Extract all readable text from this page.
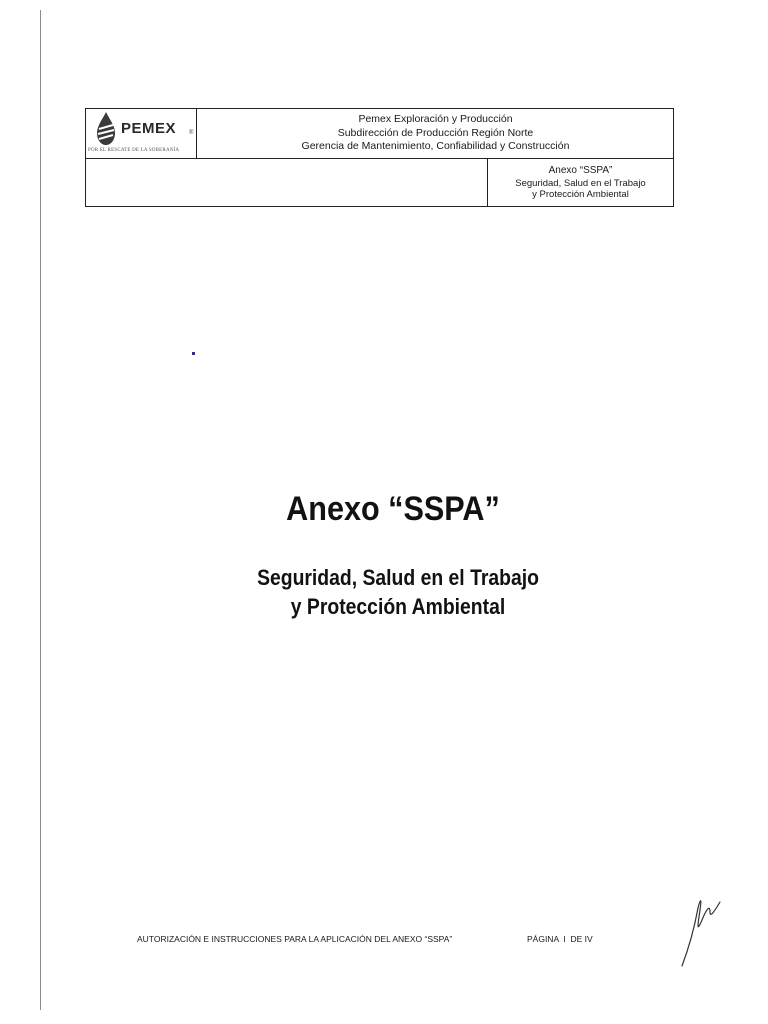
PEMEX ®
POR EL RESCATE DE LA SOBERANÍA
Pemex Exploración y Producción
Subdirección de Producción Región Norte
Gerencia de Mantenimiento, Confiabilidad y Construcción
Anexo “SSPA”
Seguridad, Salud en el Trabajo
y Protección Ambiental
Anexo “SSPA”
Seguridad, Salud en el Trabajo
y Protección Ambiental
AUTORIZACIÓN E INSTRUCCIONES PARA LA APLICACIÓN DEL ANEXO “SSPA”	PÁGINA I DE IV
